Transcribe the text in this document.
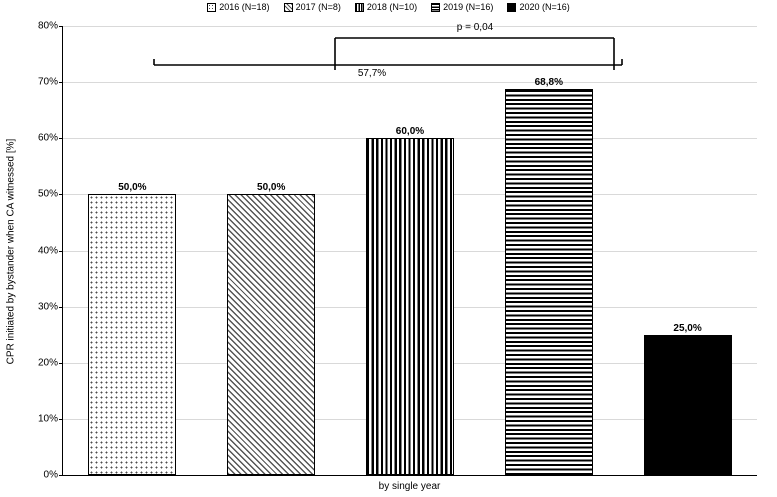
2016 (N=18)	2017 (N=8)	2018 (N=10)	2019 (N=16)	2020 (N=16)
CPR initiated by bystander when CA witnessed [%]
80%
70%
60%
50%
40%
30%
20%
10%
0%
50,0%	50,0%
60,0%
68,8%
25,0%
57,7%
p = 0,04
by single year
